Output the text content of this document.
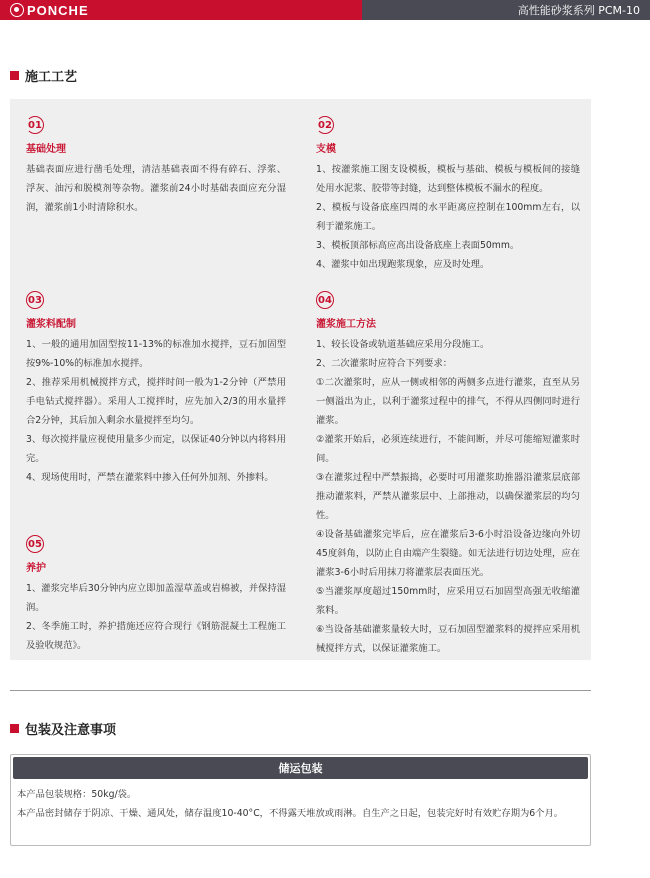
PONCHE	高性能砂浆系列 PCM-10
施工工艺
01
基础处理

基础表面应进行凿毛处理，清洁基础表面不得有碎石、浮浆、浮灰、油污和脱模剂等杂物。灌浆前24小时基础表面应充分湿润，灌浆前1小时清除积水。

02
支模

1、按灌浆施工图支设模板，模板与基础、模板与模板间的接缝处用水泥浆、胶带等封缝，达到整体模板不漏水的程度。

2、模板与设备底座四周的水平距离应控制在100mm左右，以利于灌浆施工。

3、模板顶部标高应高出设备底座上表面50mm。

4、灌浆中如出现跑浆现象，应及时处理。

03
灌浆料配制

1、一般的通用加固型按11-13%的标准加水搅拌，豆石加固型按9%-10%的标准加水搅拌。

2、推荐采用机械搅拌方式，搅拌时间一般为1-2分钟（严禁用手电钻式搅拌器）。采用人工搅拌时，应先加入2/3的用水量拌合2分钟，其后加入剩余水量搅拌至均匀。

3、每次搅拌量应视使用量多少而定，以保证40分钟以内将料用完。

4、现场使用时，严禁在灌浆料中掺入任何外加剂、外掺料。

04
灌浆施工方法

1、较长设备或轨道基础应采用分段施工。

2、二次灌浆时应符合下列要求：

①二次灌浆时，应从一侧或相邻的两侧多点进行灌浆，直至从另一侧溢出为止，以利于灌浆过程中的排气，不得从四侧同时进行灌浆。

②灌浆开始后，必须连续进行，不能间断，并尽可能缩短灌浆时间。

③在灌浆过程中严禁振捣，必要时可用灌浆助推器沿灌浆层底部推动灌浆料，严禁从灌浆层中、上部推动，以确保灌浆层的均匀性。

④设备基础灌浆完毕后，应在灌浆后3-6小时沿设备边缘向外切45度斜角，以防止自由端产生裂缝。如无法进行切边处理，应在灌浆3-6小时后用抹刀将灌浆层表面压光。

⑤当灌浆厚度超过150mm时，应采用豆石加固型高强无收缩灌浆料。

⑥当设备基础灌浆量较大时，豆石加固型灌浆料的搅拌应采用机械搅拌方式，以保证灌浆施工。

05
养护

1、灌浆完毕后30分钟内应立即加盖湿草盖或岩棉被，并保持湿润。

2、冬季施工时，养护措施还应符合现行《钢筋混凝土工程施工及验收规范》。

包装及注意事项
储运包装

本产品包装规格：50kg/袋。

本产品密封储存于阴凉、干燥、通风处，储存温度10-40°C，不得露天堆放或雨淋。自生产之日起，包装完好时有效贮存期为6个月。
